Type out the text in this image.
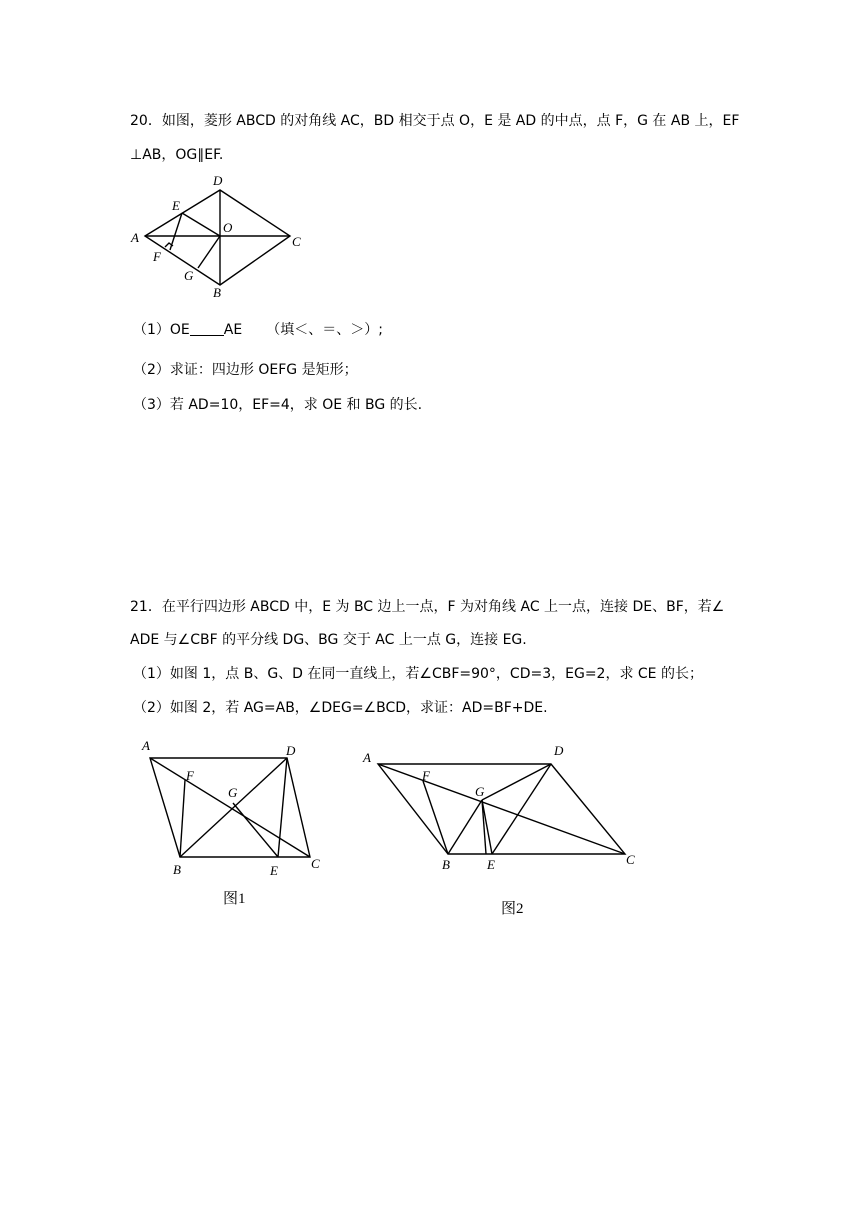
20．如图，菱形 ABCD 的对角线 AC，BD 相交于点 O，E 是 AD 的中点，点 F，G 在 AB 上，EF
⊥AB，OG∥EF.
A
D
C
B
E
O
F
G
（1）OE AE （填＜、＝、＞）;
（2）求证：四边形 OEFG 是矩形；
（3）若 AD=10，EF=4，求 OE 和 BG 的长.
21．在平行四边形 ABCD 中，E 为 BC 边上一点，F 为对角线 AC 上一点，连接 DE、BF，若∠
ADE 与∠CBF 的平分线 DG、BG 交于 AC 上一点 G，连接 EG.
（1）如图 1，点 B、G、D 在同一直线上，若∠CBF=90°，CD=3，EG=2，求 CE 的长；
（2）如图 2，若 AG=AB，∠DEG=∠BCD，求证：AD=BF+DE.
A	D
C
B	E
F
G
图1
A	D
C
B	E
F
G
图2
